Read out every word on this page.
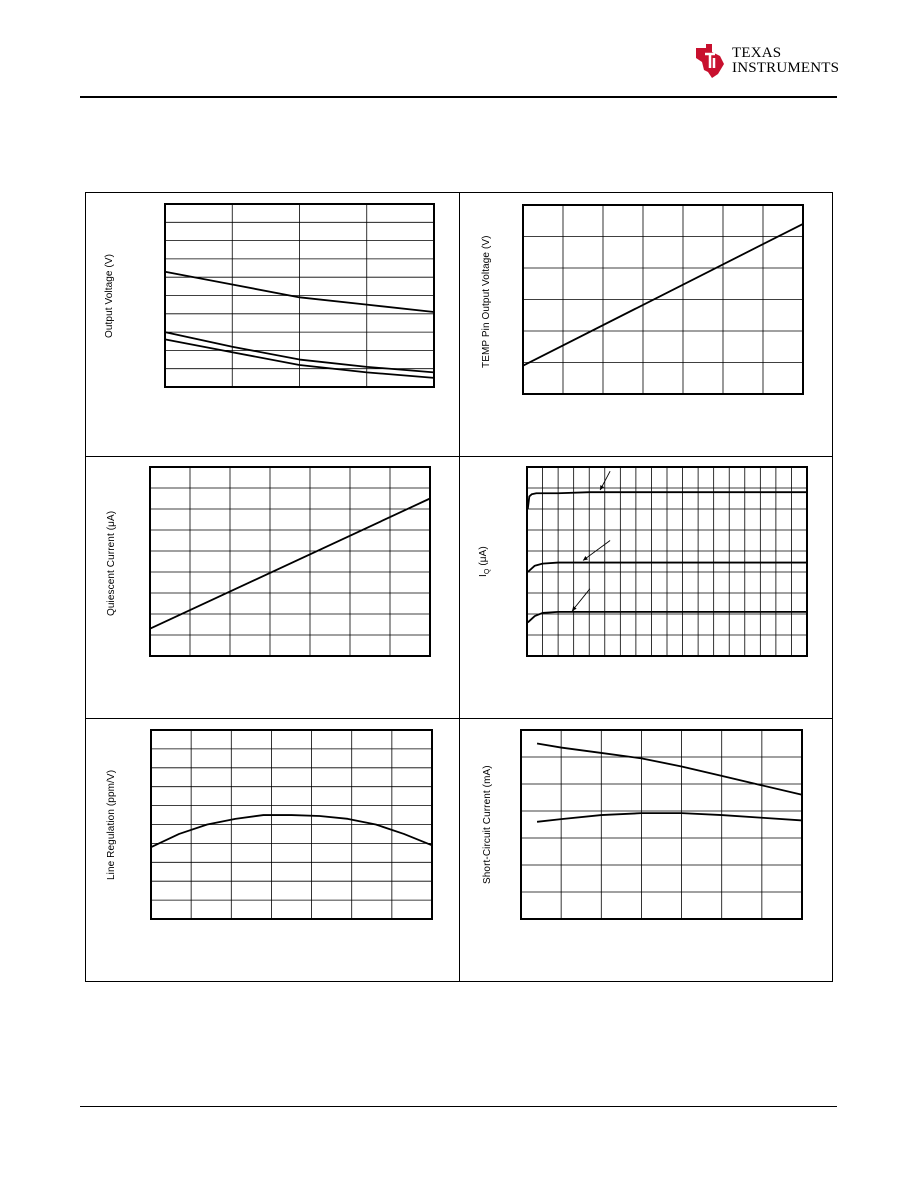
TEXAS
INSTRUMENTS
Output Voltage (V)	TEMP Pin Output Voltage (V)
Quiescent Current (μA)	$I_Q$ (μA)
Line Regulation (ppm/V)	Short-Circuit Current (mA)
